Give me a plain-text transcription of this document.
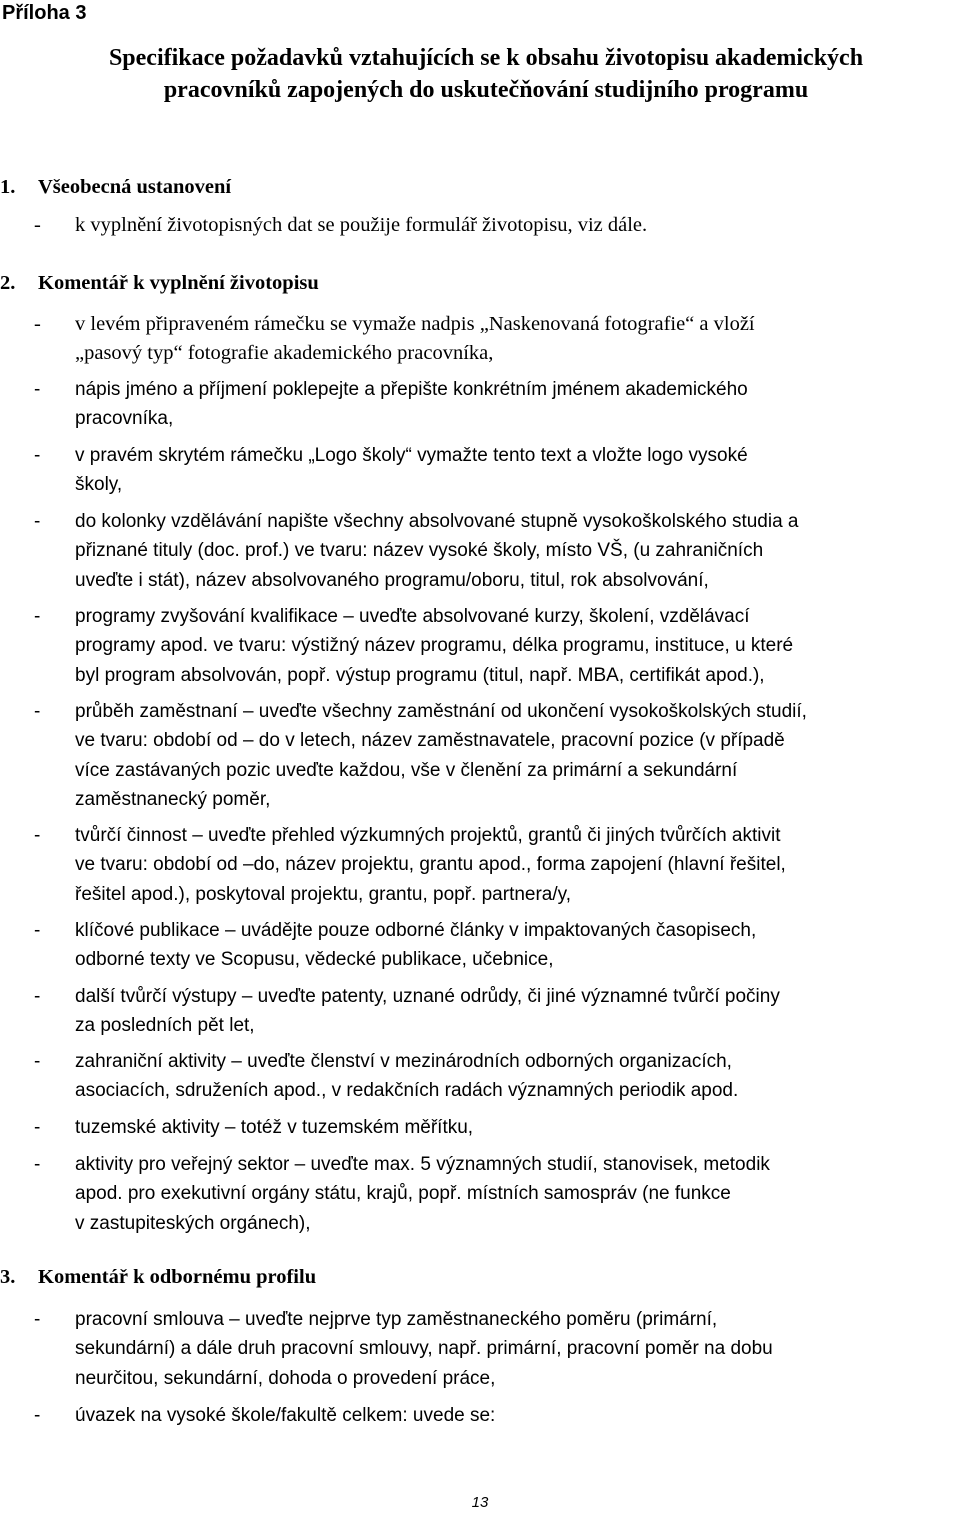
Příloha 3
Specifikace požadavků vztahujících se k obsahu životopisu akademických
pracovníků zapojených do uskutečňování studijního programu
1. Všeobecná ustanovení
- k vyplnění životopisných dat se použije formulář životopisu, viz dále.
2. Komentář k vyplnění životopisu
- v levém připraveném rámečku se vymaže nadpis „Naskenovaná fotografie“ a vloží
„pasový typ“ fotografie akademického pracovníka,
- nápis jméno a příjmení poklepejte a přepište konkrétním jménem akademického
pracovníka,
- v pravém skrytém rámečku „Logo školy“ vymažte tento text a vložte logo vysoké
školy,
- do kolonky vzdělávání napište všechny absolvované stupně vysokoškolského studia a
přiznané tituly (doc. prof.) ve tvaru: název vysoké školy, místo VŠ, (u zahraničních
uveďte i stát), název absolvovaného programu/oboru, titul, rok absolvování,
- programy zvyšování kvalifikace – uveďte absolvované kurzy, školení, vzdělávací
programy apod. ve tvaru: výstižný název programu, délka programu, instituce, u které
byl program absolvován, popř. výstup programu (titul, např. MBA, certifikát apod.),
- průběh zaměstnaní – uveďte všechny zaměstnání od ukončení vysokoškolských studií,
ve tvaru: období od – do v letech, název zaměstnavatele, pracovní pozice (v případě
více zastávaných pozic uveďte každou, vše v členění za primární a sekundární
zaměstnanecký poměr,
- tvůrčí činnost – uveďte přehled výzkumných projektů, grantů či jiných tvůrčích aktivit
ve tvaru: období od –do, název projektu, grantu apod., forma zapojení (hlavní řešitel,
řešitel apod.), poskytoval projektu, grantu, popř. partnera/y,
- klíčové publikace – uvádějte pouze odborné články v impaktovaných časopisech,
odborné texty ve Scopusu, vědecké publikace, učebnice,
- další tvůrčí výstupy – uveďte patenty, uznané odrůdy, či jiné významné tvůrčí počiny
za posledních pět let,
- zahraniční aktivity – uveďte členství v mezinárodních odborných organizacích,
asociacích, sdruženích apod., v redakčních radách významných periodik apod.
- tuzemské aktivity – totéž v tuzemském měřítku,
- aktivity pro veřejný sektor – uveďte max. 5 významných studií, stanovisek, metodik
apod. pro exekutivní orgány státu, krajů, popř. místních samospráv (ne funkce
v zastupiteských orgánech),
3. Komentář k odbornému profilu
- pracovní smlouva – uveďte nejprve typ zaměstnaneckého poměru (primární,
sekundární) a dále druh pracovní smlouvy, např. primární, pracovní poměr na dobu
neurčitou, sekundární, dohoda o provedení práce,
- úvazek na vysoké škole/fakultě celkem: uvede se:
13
